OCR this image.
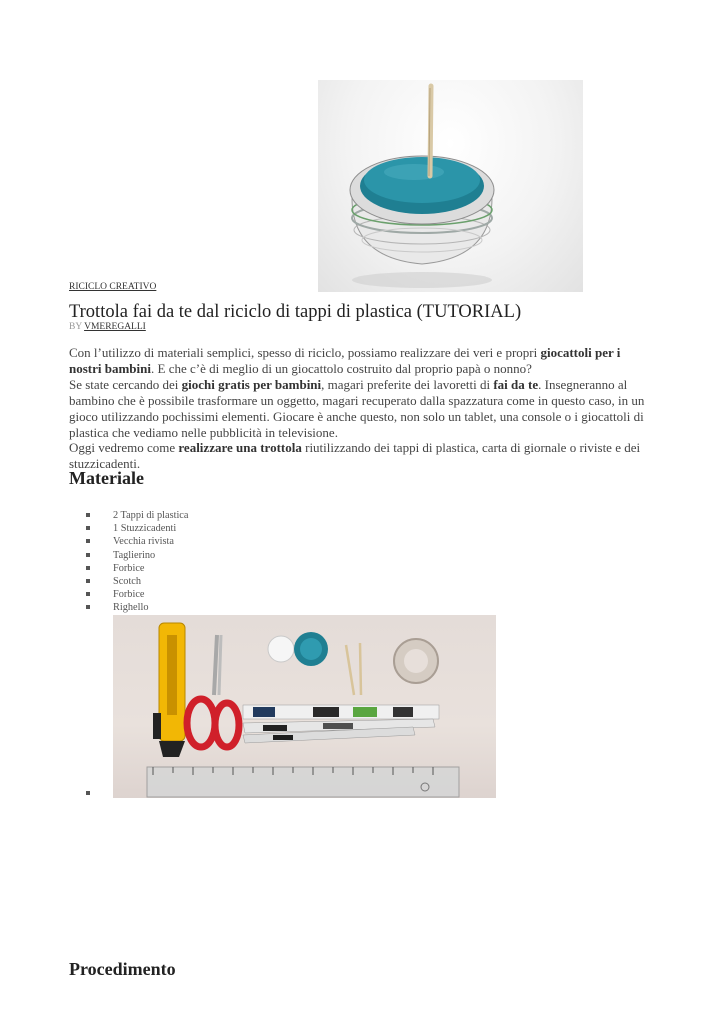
RICICLO CREATIVO
Trottola fai da te dal riciclo di tappi di plastica (TUTORIAL)
BY VMEREGALLI

Con l’utilizzo di materiali semplici, spesso di riciclo, possiamo realizzare dei veri e propri giocattoli per i nostri bambini. E che c’è di meglio di un giocattolo costruito dal proprio papà o nonno?

Se state cercando dei giochi gratis per bambini, magari preferite dei lavoretti di fai da te. Insegneranno al bambino che è possibile trasformare un oggetto, magari recuperato dalla spazzatura come in questo caso, in un gioco utilizzando pochissimi elementi. Giocare è anche questo, non solo un tablet, una console o i giocattoli di plastica che vediamo nelle pubblicità in televisione.

Oggi vedremo come realizzare una trottola riutilizzando dei tappi di plastica, carta di giornale o riviste e dei stuzzicadenti.

Materiale
2 Tappi di plastica
1 Stuzzicadenti
Vecchia rivista
Taglierino
Forbice
Scotch
Forbice
Righello
Procedimento
